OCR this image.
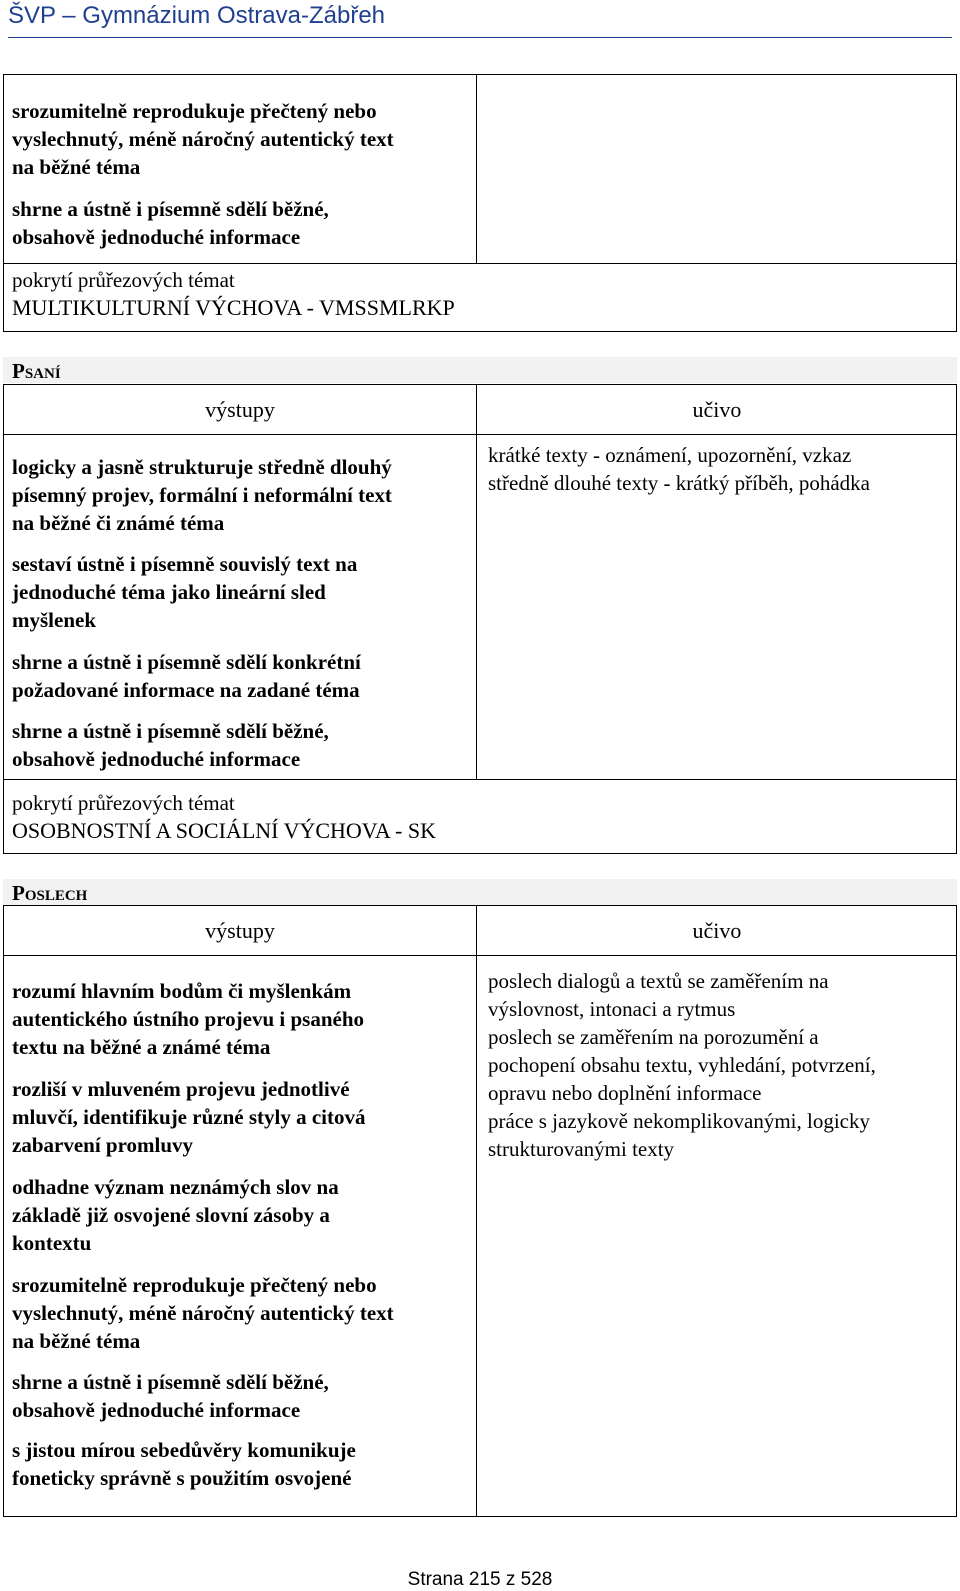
ŠVP – Gymnázium Ostrava-Zábřeh
srozumitelně reprodukuje přečtený nebo
vyslechnutý, méně náročný autentický text
na běžné téma
shrne a ústně i písemně sdělí běžné,
obsahově jednoduché informace
pokrytí průřezových témat
MULTIKULTURNÍ VÝCHOVA - VMSSMLRKP
Psaní
výstupy	učivo
logicky a jasně strukturuje středně dlouhý
písemný projev, formální i neformální text
na běžné či známé téma
sestaví ústně i písemně souvislý text na
jednoduché téma jako lineární sled
myšlenek
shrne a ústně i písemně sdělí konkrétní
požadované informace na zadané téma
shrne a ústně i písemně sdělí běžné,
obsahově jednoduché informace
krátké texty - oznámení, upozornění, vzkaz
středně dlouhé texty - krátký příběh, pohádka
pokrytí průřezových témat
OSOBNOSTNÍ A SOCIÁLNÍ VÝCHOVA - SK
Poslech
výstupy	učivo
rozumí hlavním bodům či myšlenkám
autentického ústního projevu i psaného
textu na běžné a známé téma
rozliší v mluveném projevu jednotlivé
mluvčí, identifikuje různé styly a citová
zabarvení promluvy
odhadne význam neznámých slov na
základě již osvojené slovní zásoby a
kontextu
srozumitelně reprodukuje přečtený nebo
vyslechnutý, méně náročný autentický text
na běžné téma
shrne a ústně i písemně sdělí běžné,
obsahově jednoduché informace
s jistou mírou sebedůvěry komunikuje
foneticky správně s použitím osvojené
poslech dialogů a textů se zaměřením na
výslovnost, intonaci a rytmus
poslech se zaměřením na porozumění a
pochopení obsahu textu, vyhledání, potvrzení,
opravu nebo doplnění informace
práce s jazykově nekomplikovanými, logicky
strukturovanými texty
Strana 215 z 528
